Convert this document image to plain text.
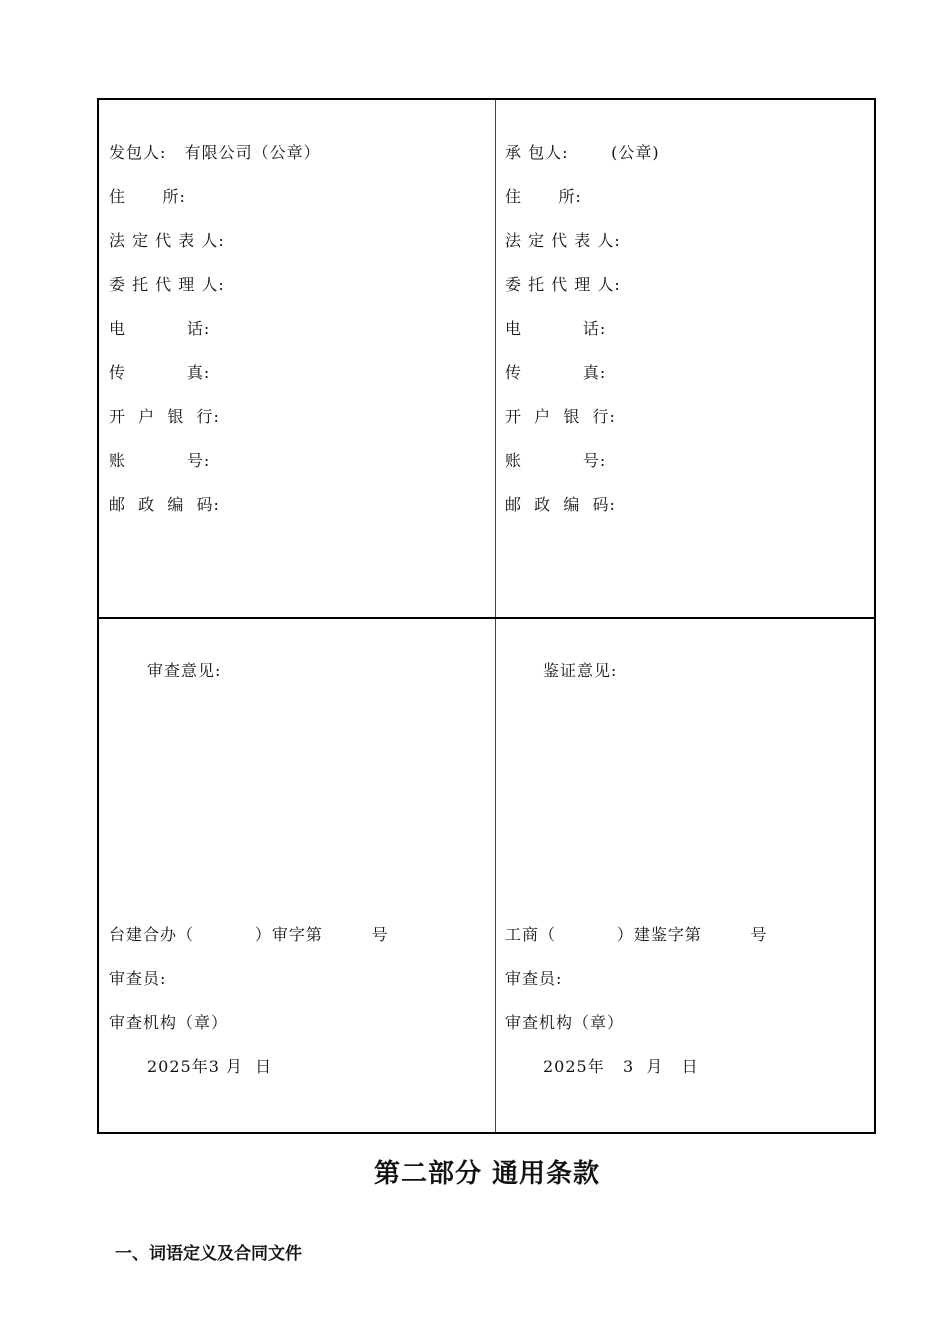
发包人:   有限公司（公章）
住      所:
法 定 代 表 人:
委 托 代 理 人:
电          话:
传          真:
开  户  银  行:
账          号:
邮  政  编  码:
承 包人:       (公章)
住      所:
法 定 代 表 人:
委 托 代 理 人:
电          话:
传          真:
开  户  银  行:
账          号:
邮  政  编  码:
审查意见:
台建合办（          ）审字第        号
审查员:
审查机构（章）
2025年3 月  日
鉴证意见:
工商（          ）建鉴字第        号
审查员:
审查机构（章）
2025年   3  月   日
第二部分 通用条款
一、词语定义及合同文件
